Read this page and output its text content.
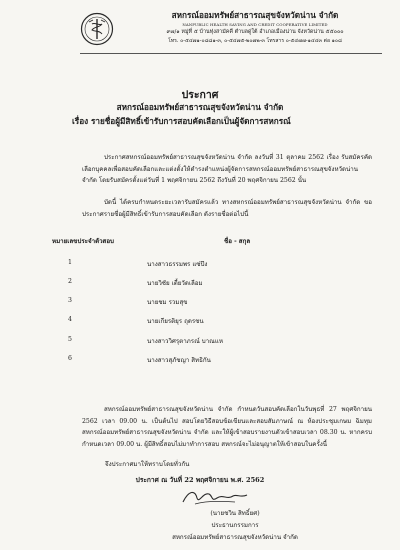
สหกรณ์ออมทรัพย์สาธารณสุขจังหวัดน่าน จำกัด
NANPUBLIC HEALTH SAVING AND CREDIT COOPERATIVE LIMITED
๙๗/๑ หมู่ที่ ๕ บ้านทุ่งสามัคคี ตำบลดู่ใต้ อำเภอเมืองน่าน จังหวัดน่าน ๕๕๐๐๐
โทร. ๐-๕๔๗๑-๐๘๘๑-๓, ๐-๕๔๗๕-๒๐๗๒-๓ โทรสาร ๐-๕๔๗๗-๑๔๔๓ ต่อ ๑๐๘
ประกาศ
สหกรณ์ออมทรัพย์สาธารณสุขจังหวัดน่าน จำกัด
เรื่อง รายชื่อผู้มีสิทธิ์เข้ารับการสอบคัดเลือกเป็นผู้จัดการสหกรณ์
ประกาศสหกรณ์ออมทรัพย์สาธารณสุขจังหวัดน่าน จำกัด ลงวันที่ 31 ตุลาคม 2562 เรื่อง รับสมัครคัดเลือกบุคคลเพื่อสอบคัดเลือกและแต่งตั้งให้ดำรงตำแหน่งผู้จัดการสหกรณ์ออมทรัพย์สาธารณสุขจังหวัดน่าน จำกัด โดยรับสมัครตั้งแต่วันที่ 1 พฤศจิกายน 2562 ถึงวันที่ 20 พฤศจิกายน 2562 นั้น
บัดนี้ ได้ครบกำหนดระยะเวลารับสมัครแล้ว ทางสหกรณ์ออมทรัพย์สาธารณสุขจังหวัดน่าน จำกัด ขอประกาศรายชื่อผู้มีสิทธิ์เข้ารับการสอบคัดเลือก ดังรายชื่อต่อไปนี้
หมายเลขประจำตัวสอบ	ชื่อ - สกุล
1	นางสาวธรรมพร แซ่ปึง
2	นายวิชัย เตี้ยวัดเลือม
3	นายชม รวมสุข
4	นายเกียรติยุร ถุดรชน
5	นางสาววิศรุตาภรณ์ บาณแห
6	นางสาวสุภัชญา สิทธิกัน
สหกรณ์ออมทรัพย์สาธารณสุขจังหวัดน่าน จำกัด กำหนดวันสอบคัดเลือกในวันพุธที่ 27 พฤศจิกายน 2562 เวลา 09.00 น. เป็นต้นไป สอบโดยวิธีสอบข้อเขียนและสอบสัมภาษณ์ ณ ห้องประชุมเกษม ฉิมทุม สหกรณ์ออมทรัพย์สาธารณสุขจังหวัดน่าน จำกัด และให้ผู้เข้าสอบรายงานตัวเข้าสอบเวลา 08.30 น. หากครบกำหนดเวลา 09.00 น. ผู้มีสิทธิ์สอบไม่มาทำการสอบ สหกรณ์จะไม่อนุญาตให้เข้าสอบในครั้งนี้
จึงประกาศมาให้ทราบโดยทั่วกัน
ประกาศ ณ วันที่ 22 พฤศจิกายน พ.ศ. 2562
(นายชวิน สิทธิ์ยศ)
ประธานกรรมการ
สหกรณ์ออมทรัพย์สาธารณสุขจังหวัดน่าน จำกัด
